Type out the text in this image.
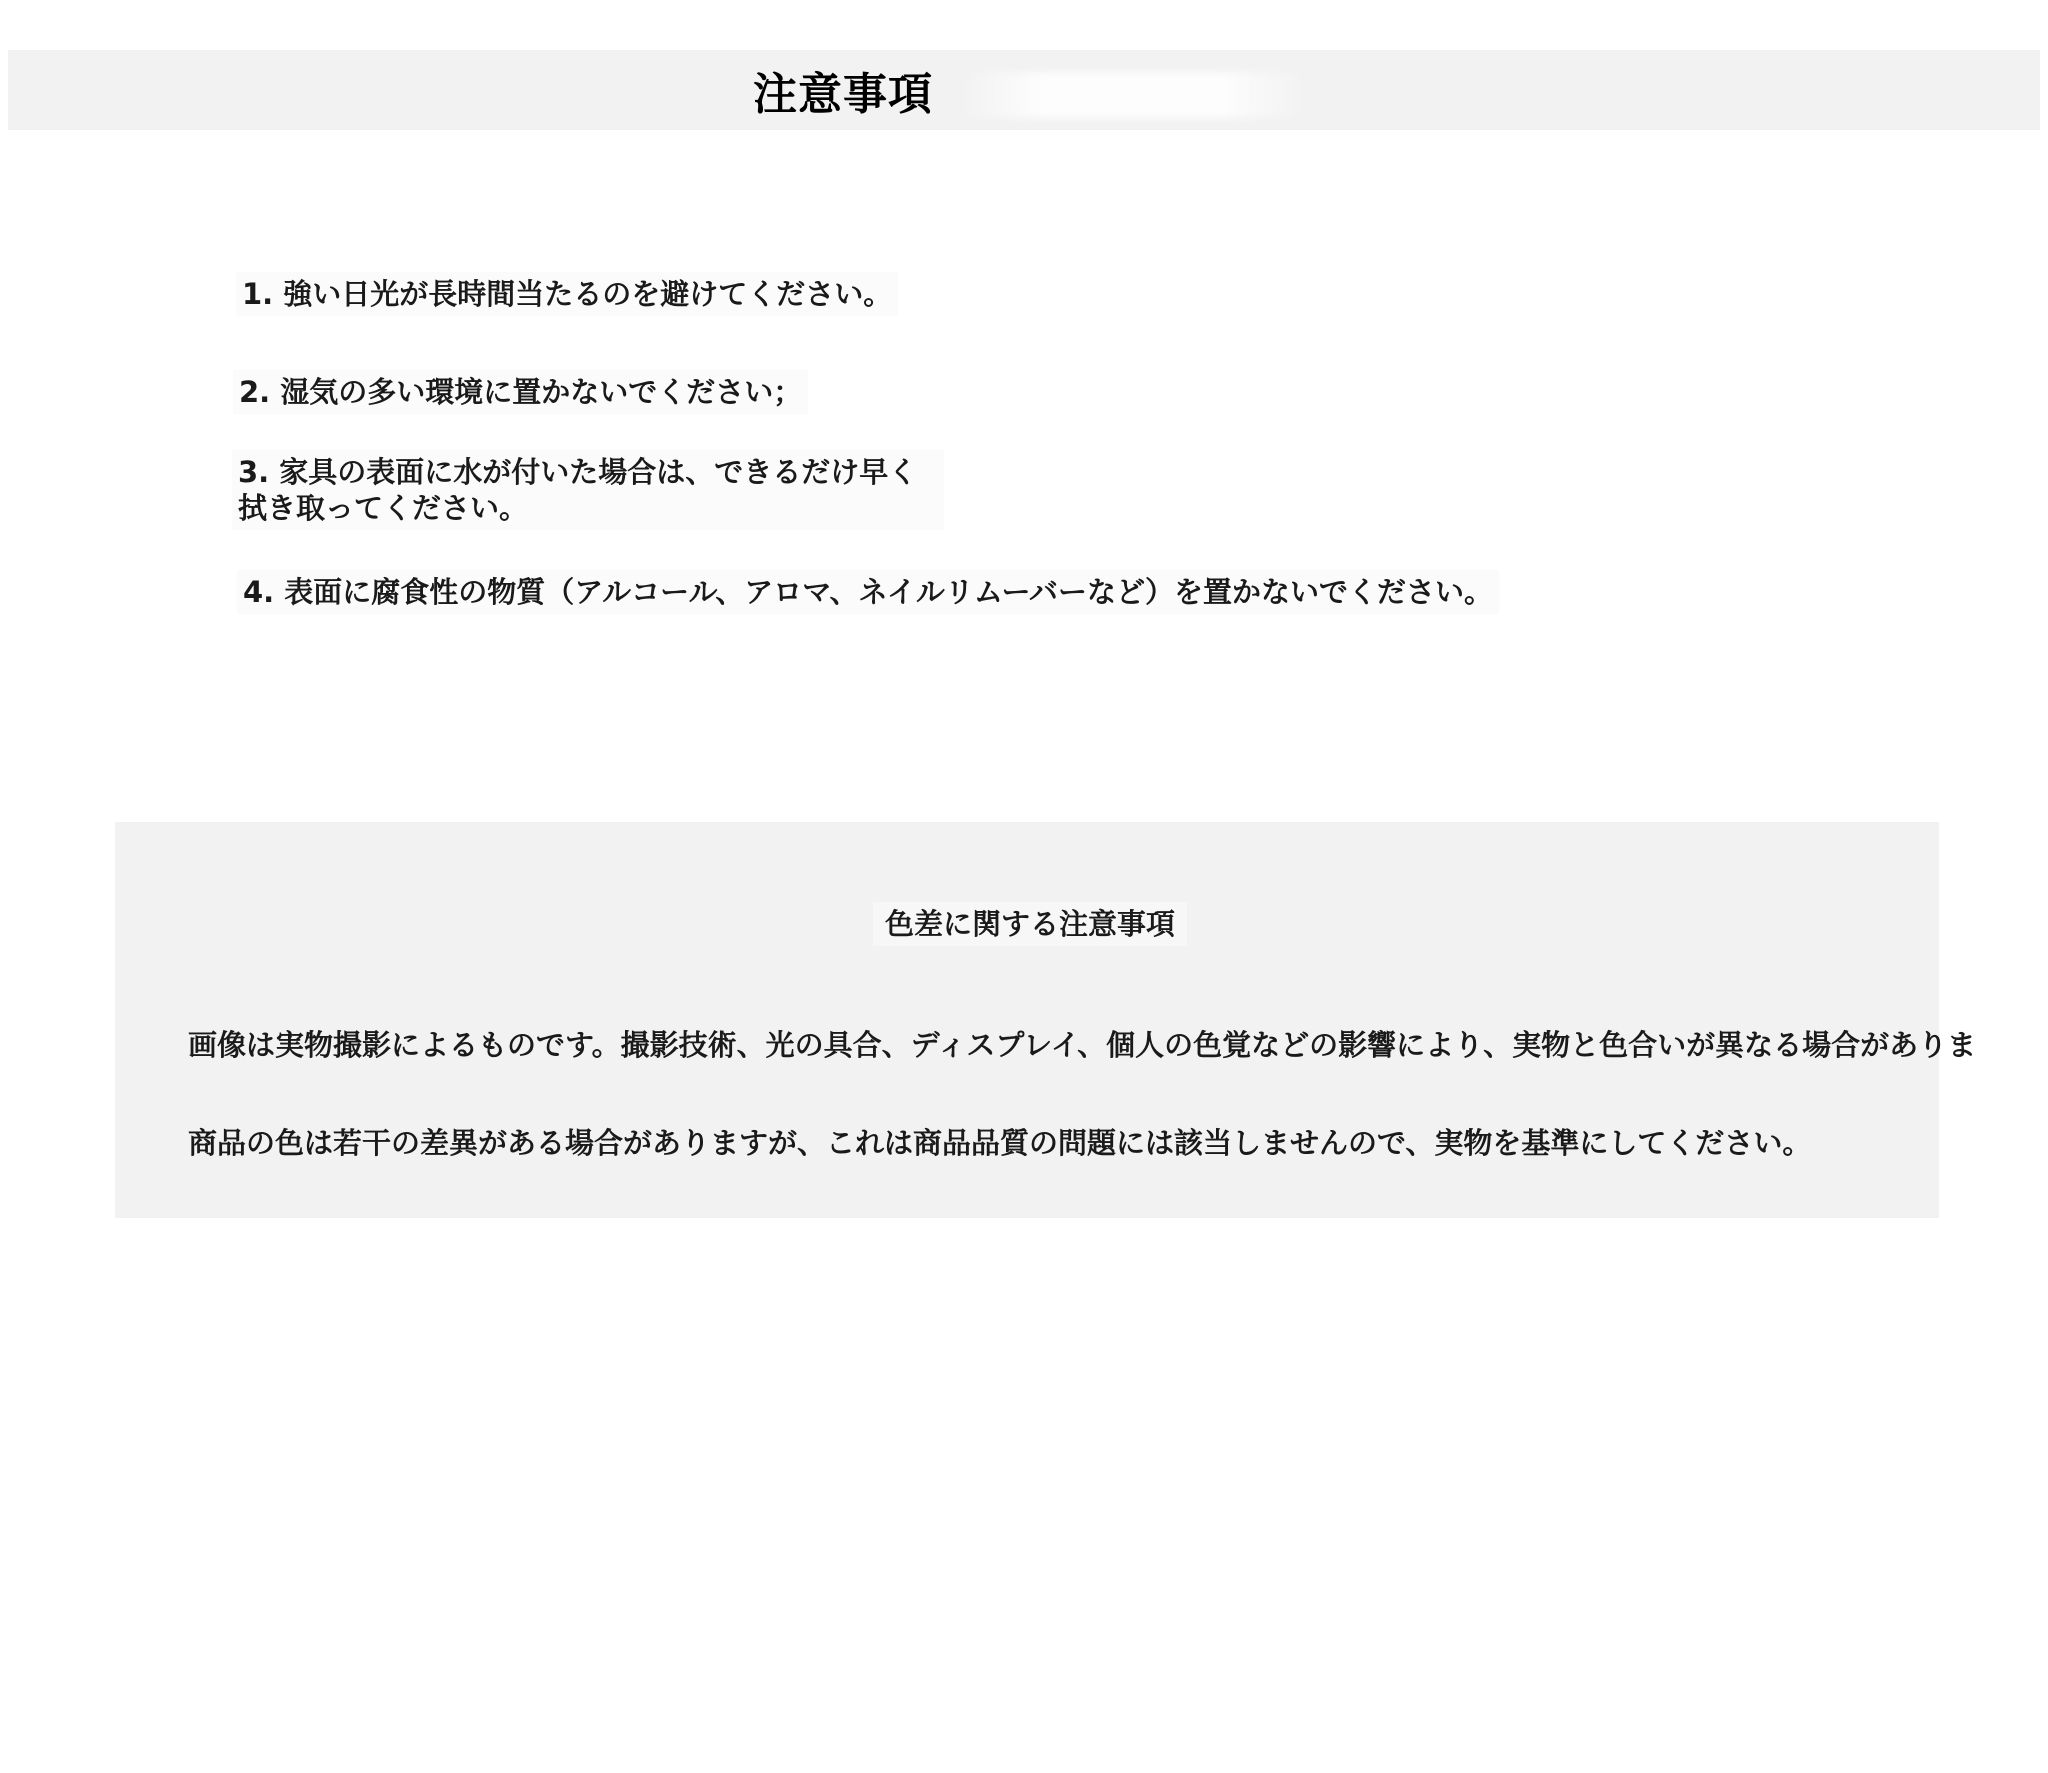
注意事項
1. 強い日光が長時間当たるのを避けてください。
2. 湿気の多い環境に置かないでください；
3. 家具の表面に水が付いた場合は、できるだけ早く拭き取ってください。
4. 表面に腐食性の物質（アルコール、アロマ、ネイルリムーバーなど）を置かないでください。
色差に関する注意事項

画像は実物撮影によるものです。撮影技術、光の具合、ディスプレイ、個人の色覚などの影響により、実物と色合いが異なる場合がありま

商品の色は若干の差異がある場合がありますが、これは商品品質の問題には該当しませんので、実物を基準にしてください。
